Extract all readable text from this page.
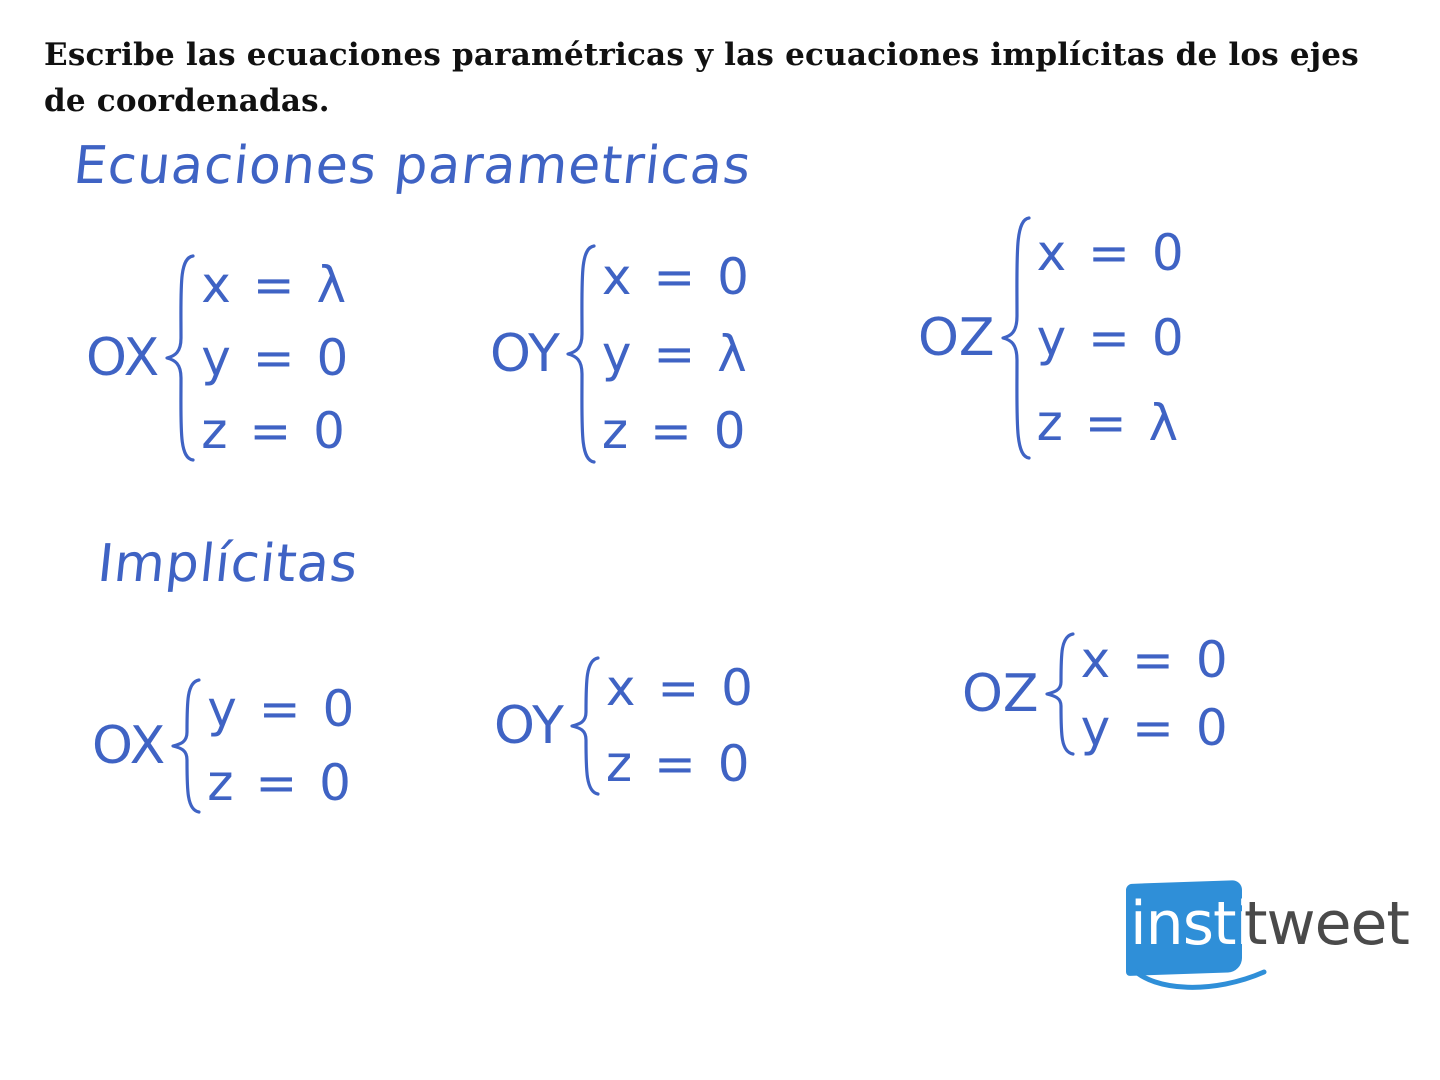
Escribe las ecuaciones paramétricas y las ecuaciones implícitas de los ejes de coordenadas.

Ecuaciones parametricas
OX
x = λ
y = 0
z = 0
OY
x = 0
y = λ
z = 0
OZ
x = 0
y = 0
z = λ
Implícitas
OX
y = 0
z = 0
OY
x = 0
z = 0
OZ
x = 0
y = 0
insti
tweet
